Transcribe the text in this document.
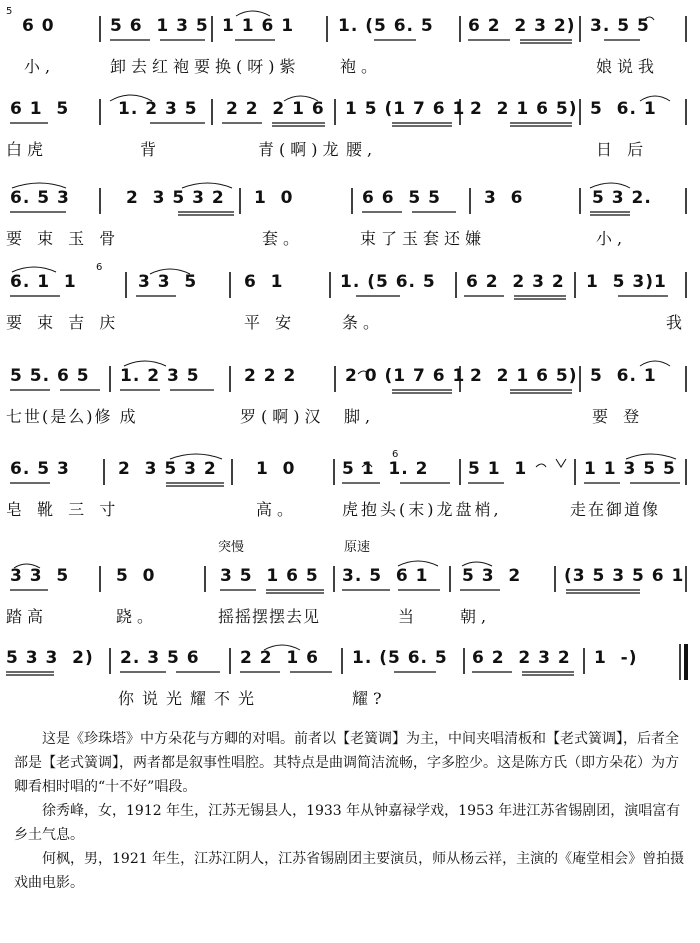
6 0

	5 6  1 3 5

1 1 6 1

	1. (5 6. 5

6 2  2 3 2)

3. 5 5

5
小,	卸去红袍要换(呀)紫 袍。	娘说我

6 1  5

	1. 2 3 5

2 2  2 1 6

1 5 (1 7 6 1

2  2 1 6 5)

5  6. 1

白虎	背	青(啊)龙 腰,	日 后

6. 5 3

	2  3 5 3 2

1  0

	6 6  5 5

	3  6

	5 3 2.

要 束 玉 骨	套。	束了玉套还嫌	小,

6. 1  1

	3 3  5

	6  1

	1. (5 6. 5

6 2  2 3 2

1  5 3)1

6
要 束 吉 庆	平 安	条。	我

5 5. 6 5

1. 2 3 5

	2 2 2

	2 0 (1 7 6 1

2  2 1 6 5)

5  6. 1

七世(是么)修 成	罗(啊)汉 脚,	要 登

6. 5 3

	2  3 5 3 2

1  0

	5 1  1. 2

5 1  1

	1 1 3 5 5

6
皂 靴 三 寸	高。	虎抱头(末)龙盘梢,	走在御道像
突慢	原速

3 3  5

	5  0

	3 5  1 6 5

3. 5  6 1

5 3  2

	(3 5 3 5 6 1

踏高	跷。	摇摇摆摆去见	当	朝,

5 3 3  2)

2. 3 5 6

2 2  1 6

1. (5 6. 5

6 2  2 3 2

1  -)

你说光耀不光	耀?

这是《珍珠塔》中方朵花与方卿的对唱。前者以【老簧调】为主，中间夹唱清板和【老式簧调】，后者全部是【老式簧调】，两者都是叙事性唱腔。其特点是曲调简洁流畅，字多腔少。这是陈方氏（即方朵花）为方卿看相时唱的“十不好”唱段。

徐秀峰，女，1912 年生，江苏无锡县人，1933 年从钟嘉禄学戏，1953 年进江苏省锡剧团，演唱富有乡土气息。

何枫，男，1921 年生，江苏江阴人，江苏省锡剧团主要演员，师从杨云祥，主演的《庵堂相会》曾拍摄戏曲电影。
